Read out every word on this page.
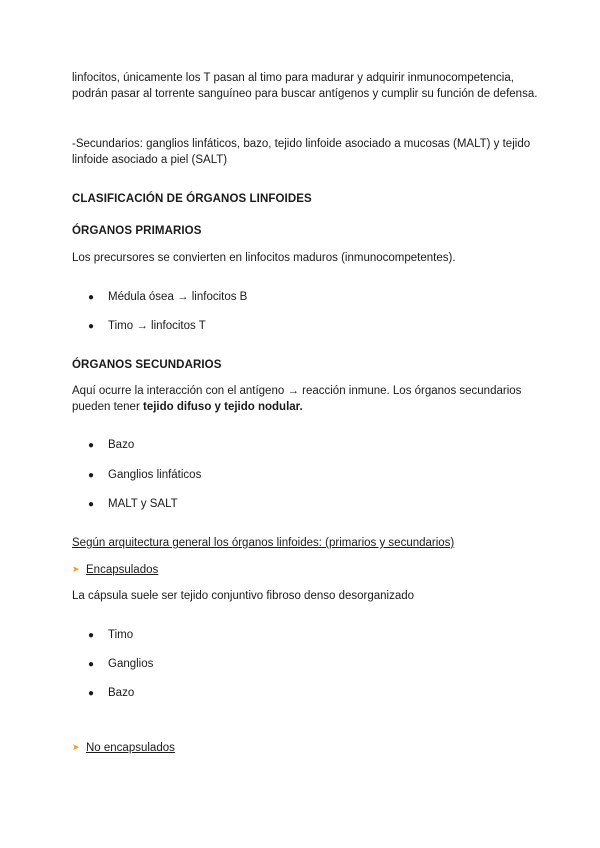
linfocitos, únicamente los T pasan al timo para madurar y adquirir inmunocompetencia,

podrán pasar al torrente sanguíneo para buscar antígenos y cumplir su función de defensa.

-Secundarios: ganglios linfáticos, bazo, tejido linfoide asociado a mucosas (MALT) y tejido

linfoide asociado a piel (SALT)

CLASIFICACIÓN DE ÓRGANOS LINFOIDES

ÓRGANOS PRIMARIOS

Los precursores se convierten en linfocitos maduros (inmunocompetentes).

● Médula ósea → linfocitos B
● Timo → linfocitos T

ÓRGANOS SECUNDARIOS

Aquí ocurre la interacción con el antígeno → reacción inmune. Los órganos secundarios

pueden tener tejido difuso y tejido nodular.

● Bazo
● Ganglios linfáticos
● MALT y SALT

Según arquitectura general los órganos linfoides: (primarios y secundarios)

➤ Encapsulados

La cápsula suele ser tejido conjuntivo fibroso denso desorganizado

● Timo
● Ganglios
● Bazo
➤ No encapsulados
